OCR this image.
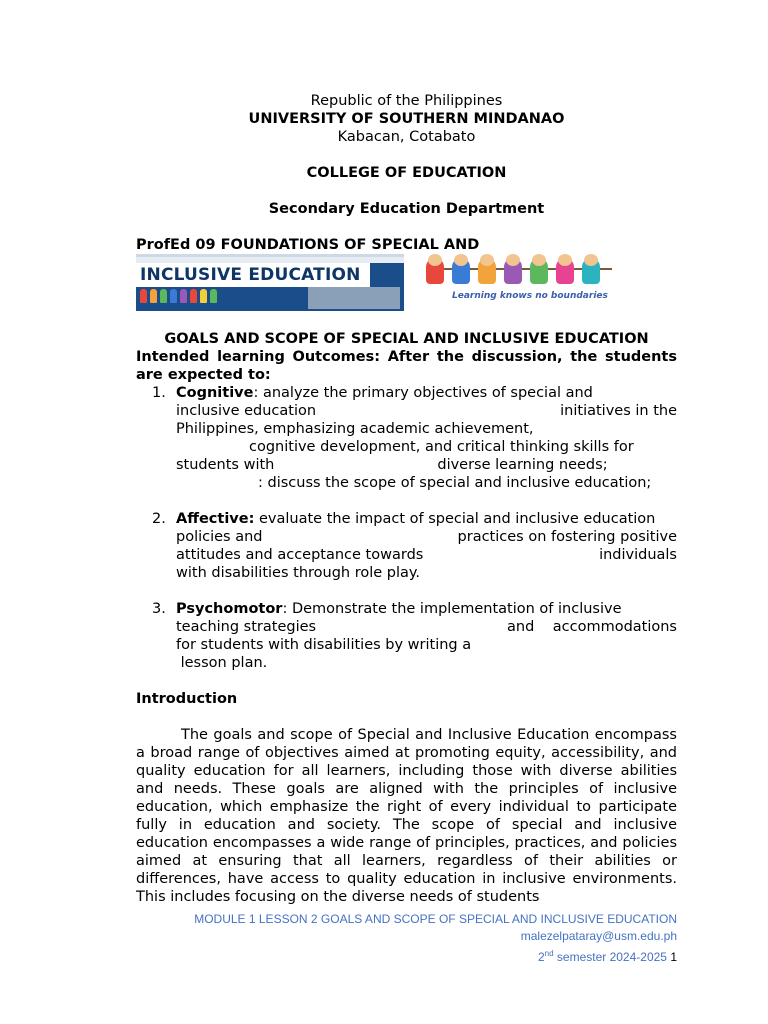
Republic of the Philippines
UNIVERSITY OF SOUTHERN MINDANAO
Kabacan, Cotabato
COLLEGE OF EDUCATION
Secondary Education Department
ProfEd 09 FOUNDATIONS OF SPECIAL AND
INCLUSIVE EDUCATION
Learning knows no boundaries
GOALS AND SCOPE OF SPECIAL AND INCLUSIVE EDUCATION
Intended learning Outcomes: After the discussion, the students are expected to:
1. Cognitive: analyze the primary objectives of special and
inclusive education	initiatives in the
Philippines, emphasizing academic achievement,
cognitive development, and critical thinking skills for
students with	diverse learning needs;
: discuss the scope of special and inclusive education;
2. Affective: evaluate the impact of special and inclusive education
policies and	practices on fostering positive
attitudes and acceptance towards	individuals
with disabilities through role play.
3. Psychomotor: Demonstrate the implementation of inclusive
teaching strategies	and    accommodations
for students with disabilities by writing a
lesson plan.
Introduction
The goals and scope of Special and Inclusive Education encompass a broad range of objectives aimed at promoting equity, accessibility, and quality education for all learners, including those with diverse abilities and needs. These goals are aligned with the principles of inclusive education, which emphasize the right of every individual to participate fully in education and society. The scope of special and inclusive education encompasses a wide range of principles, practices, and policies aimed at ensuring that all learners, regardless of their abilities or differences, have access to quality education in inclusive environments. This includes focusing on the diverse needs of students
MODULE 1 LESSON 2 GOALS AND SCOPE OF SPECIAL AND INCLUSIVE EDUCATION
malezelpataray@usm.edu.ph
2nd semester 2024-2025 1
